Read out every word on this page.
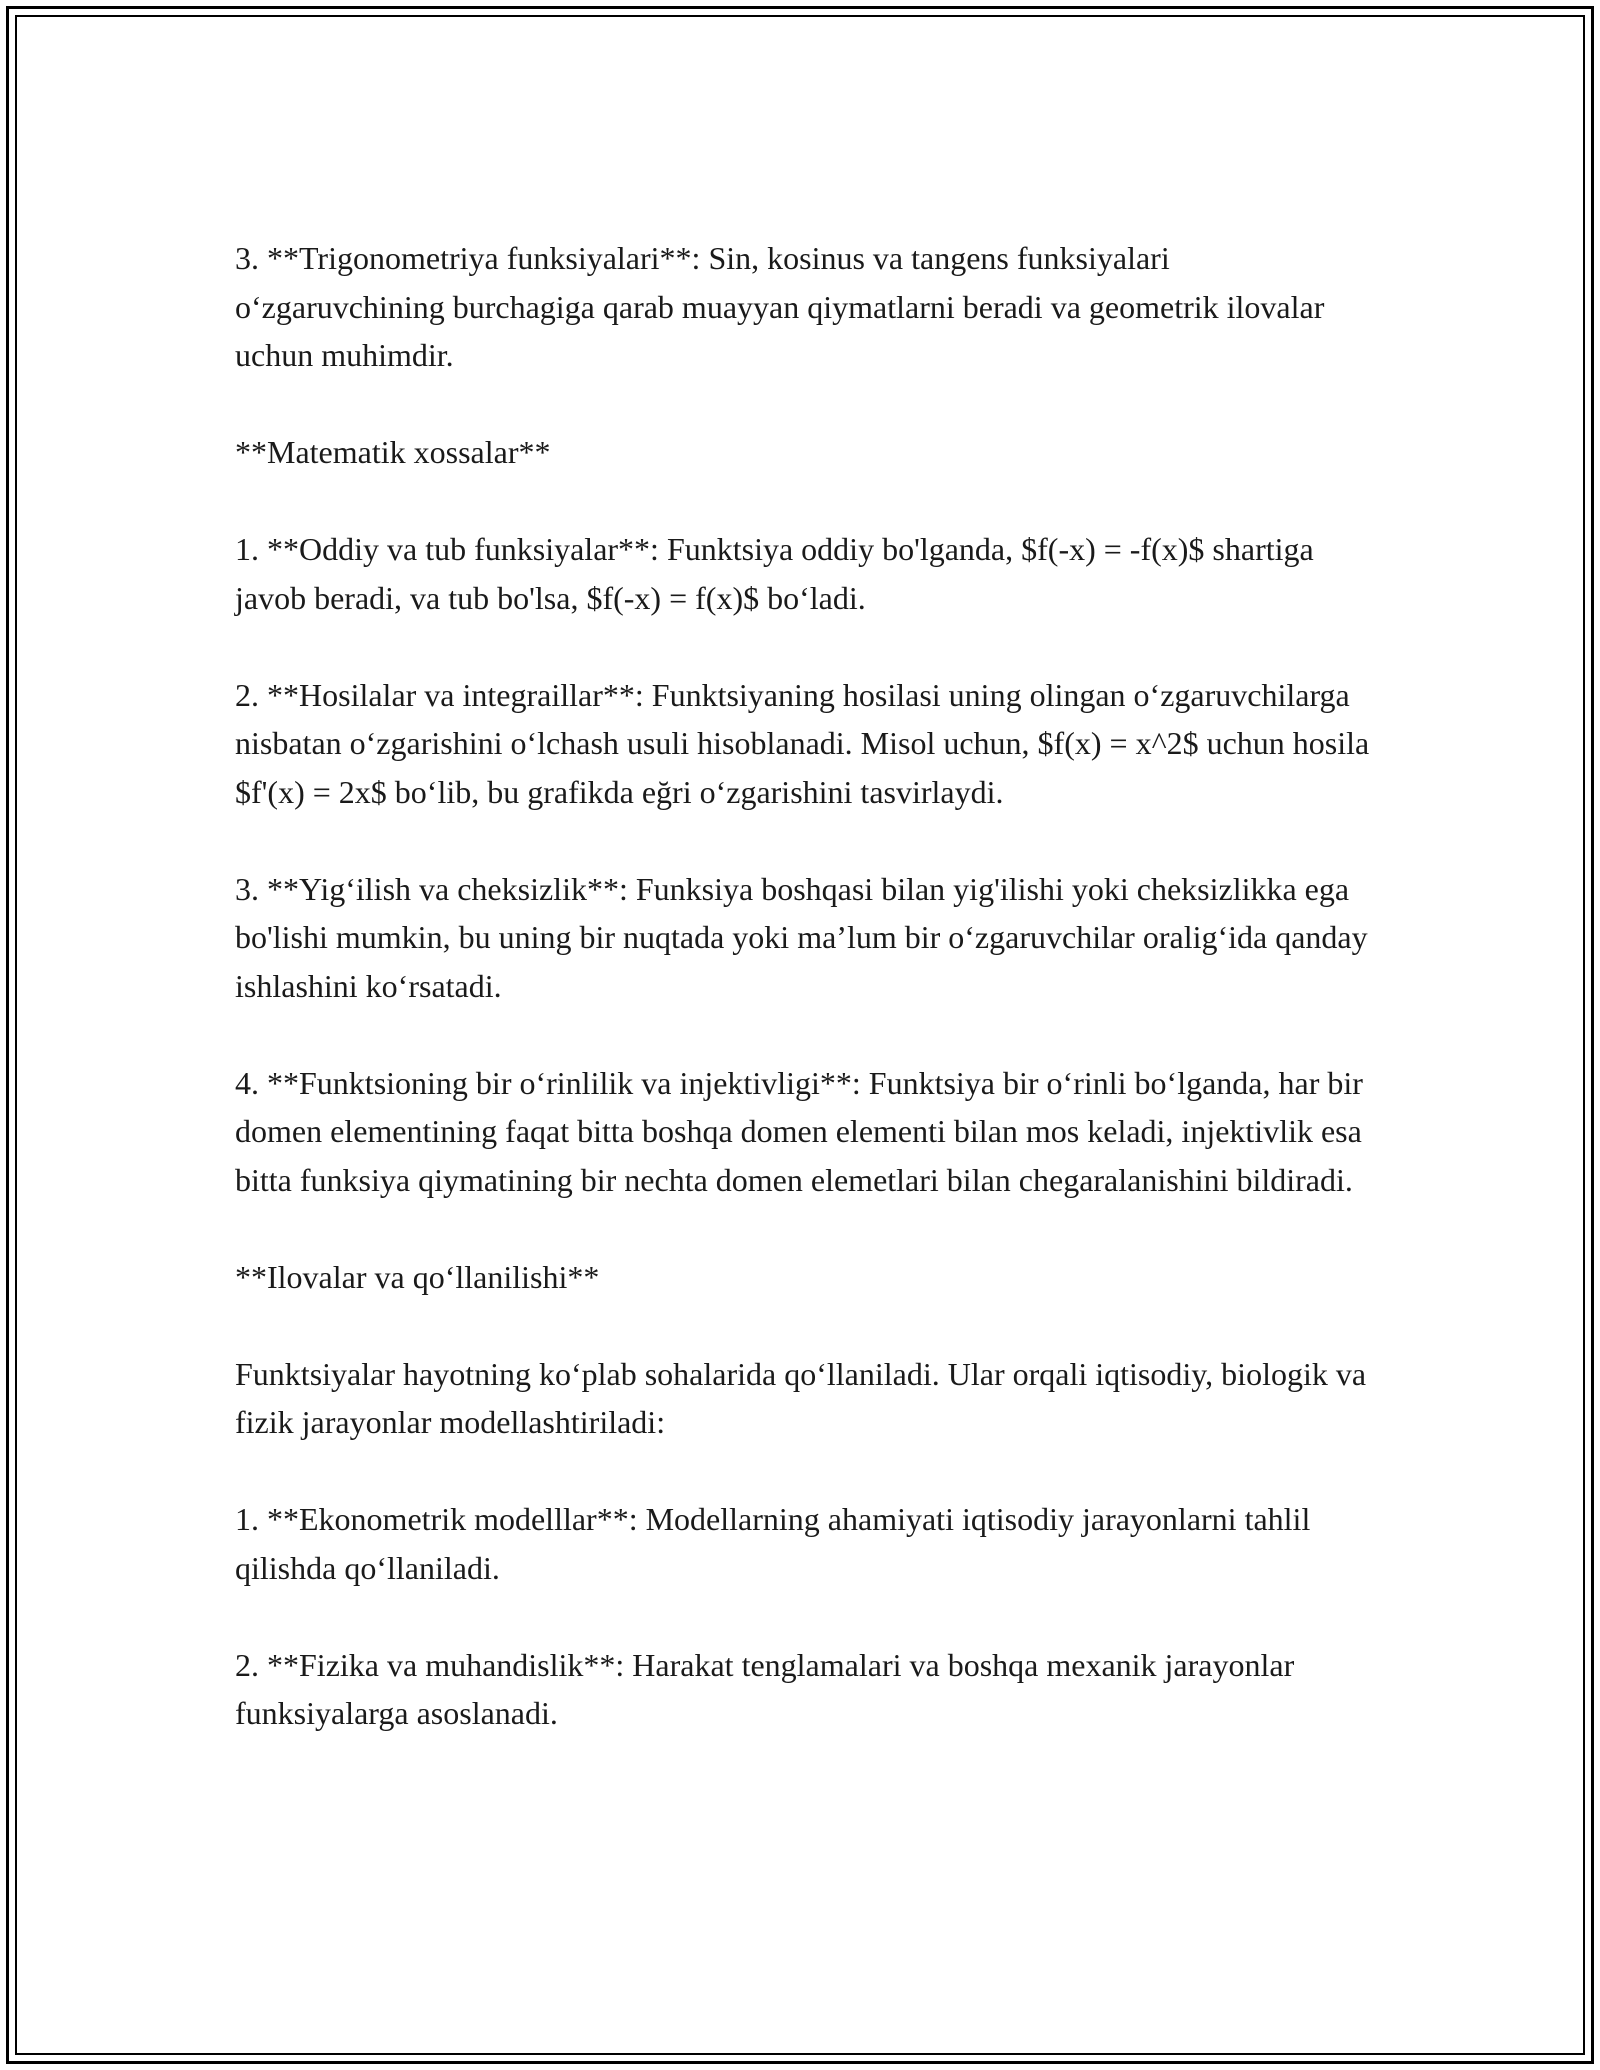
3. **Trigonometriya funksiyalari**: Sin, kosinus va tangens funksiyalari o‘zgaruvchining burchagiga qarab muayyan qiymatlarni beradi va geometrik ilovalar uchun muhimdir.

**Matematik xossalar**

1. **Oddiy va tub funksiyalar**: Funktsiya oddiy bo'lganda, $f(-x) = -f(x)$ shartiga javob beradi, va tub bo'lsa, $f(-x) = f(x)$ bo‘ladi.

2. **Hosilalar va integraillar**: Funktsiyaning hosilasi uning olingan o‘zgaruvchilarga nisbatan o‘zgarishini o‘lchash usuli hisoblanadi. Misol uchun, $f(x) = x^2$ uchun hosila $f'(x) = 2x$ bo‘lib, bu grafikda eğri o‘zgarishini tasvirlaydi.

3. **Yig‘ilish va cheksizlik**: Funksiya boshqasi bilan yig'ilishi yoki cheksizlikka ega bo'lishi mumkin, bu uning bir nuqtada yoki ma’lum bir o‘zgaruvchilar oralig‘ida qanday ishlashini ko‘rsatadi.

4. **Funktsioning bir o‘rinlilik va injektivligi**: Funktsiya bir o‘rinli bo‘lganda, har bir domen elementining faqat bitta boshqa domen elementi bilan mos keladi, injektivlik esa bitta funksiya qiymatining bir nechta domen elemetlari bilan chegaralanishini bildiradi.

**Ilovalar va qo‘llanilishi**

Funktsiyalar hayotning ko‘plab sohalarida qo‘llaniladi. Ular orqali iqtisodiy, biologik va fizik jarayonlar modellashtiriladi:

1. **Ekonometrik modelllar**: Modellarning ahamiyati iqtisodiy jarayonlarni tahlil qilishda qo‘llaniladi.

2. **Fizika va muhandislik**: Harakat tenglamalari va boshqa mexanik jarayonlar funksiyalarga asoslanadi.
